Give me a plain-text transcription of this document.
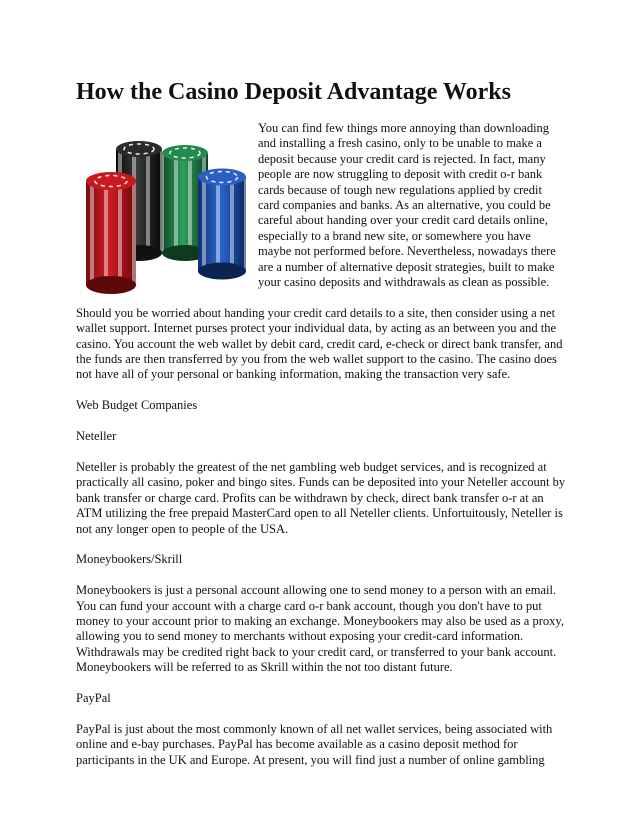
How the Casino Deposit Advantage Works

You can find few things more annoying than downloading and installing a fresh casino, only to be unable to make a deposit because your credit card is rejected. In fact, many people are now struggling to deposit with credit o-r bank cards because of tough new regulations applied by credit card companies and banks. As an alternative, you could be careful about handing over your credit card details online, especially to a brand new site, or somewhere you have maybe not performed before. Nevertheless, nowadays there are a number of alternative deposit strategies, built to make your casino deposits and withdrawals as clean as possible.

Should you be worried about handing your credit card details to a site, then consider using a net wallet support. Internet purses protect your individual data, by acting as an between you and the casino. You account the web wallet by debit card, credit card, e-check or direct bank transfer, and the funds are then transferred by you from the web wallet support to the casino. The casino does not have all of your personal or banking information, making the transaction very safe.

Web Budget Companies

Neteller

Neteller is probably the greatest of the net gambling web budget services, and is recognized at practically all casino, poker and bingo sites. Funds can be deposited into your Neteller account by bank transfer or charge card. Profits can be withdrawn by check, direct bank transfer o-r at an ATM utilizing the free prepaid MasterCard open to all Neteller clients. Unfortuitously, Neteller is not any longer open to people of the USA.

Moneybookers/Skrill

Moneybookers is just a personal account allowing one to send money to a person with an email. You can fund your account with a charge card o-r bank account, though you don't have to put money to your account prior to making an exchange. Moneybookers may also be used as a proxy, allowing you to send money to merchants without exposing your credit-card information. Withdrawals may be credited right back to your credit card, or transferred to your bank account. Moneybookers will be referred to as Skrill within the not too distant future.

PayPal

PayPal is just about the most commonly known of all net wallet services, being associated with online and e-bay purchases. PayPal has become available as a casino deposit method for participants in the UK and Europe. At present, you will find just a number of online gambling
